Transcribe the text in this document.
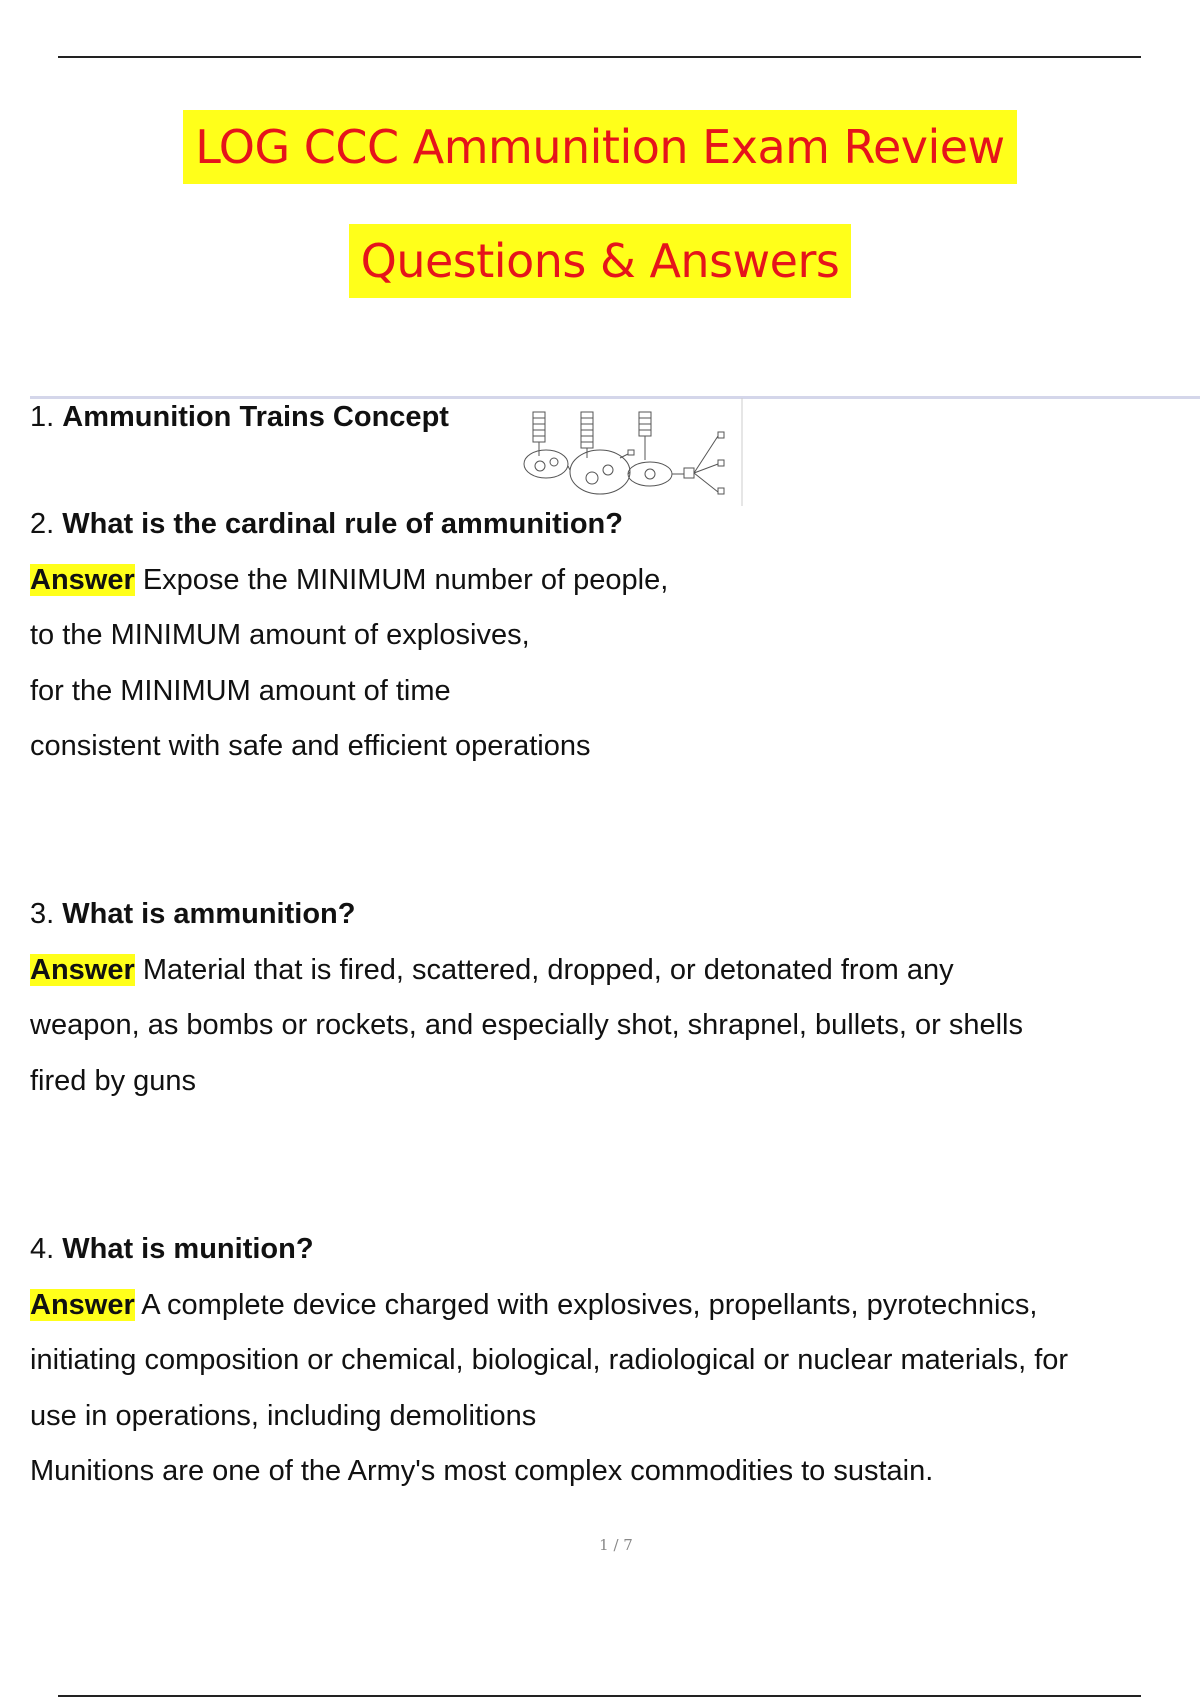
LOG CCC Ammunition Exam Review
Questions & Answers
1. Ammunition Trains Concept
2. What is the cardinal rule of ammunition?
Answer Expose the MINIMUM number of people,
to the MINIMUM amount of explosives,
for the MINIMUM amount of time
consistent with safe and efficient operations
3. What is ammunition?
Answer Material that is fired, scattered, dropped, or detonated from any
weapon, as bombs or rockets, and especially shot, shrapnel, bullets, or shells
fired by guns
4. What is munition?
Answer A complete device charged with explosives, propellants, pyrotechnics,
initiating composition or chemical, biological, radiological or nuclear materials, for
use in operations, including demolitions
Munitions are one of the Army's most complex commodities to sustain.
1 / 7
